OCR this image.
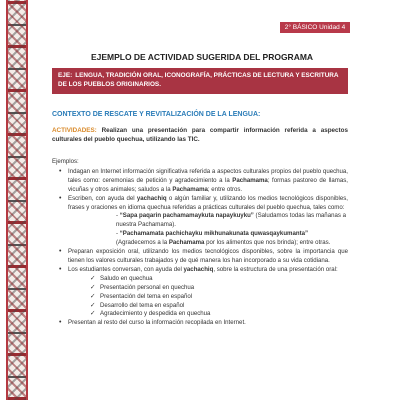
2° BÁSICO Unidad 4
EJEMPLO DE ACTIVIDAD SUGERIDA DEL PROGRAMA
EJE: LENGUA, TRADICIÓN ORAL, ICONOGRAFÍA, PRÁCTICAS DE LECTURA Y ESCRITURA DE LOS PUEBLOS ORIGINARIOS.
CONTEXTO DE RESCATE Y REVITALIZACIÓN DE LA LENGUA:
ACTIVIDADES: Realizan una presentación para compartir información referida a aspectos culturales del pueblo quechua, utilizando las TIC.
Ejemplos:
• Indagan en Internet información significativa referida a aspectos culturales propios del pueblo quechua, tales como: ceremonias de petición y agradecimiento a la Pachamama; formas pastoreo de llamas, vicuñas y otros animales; saludos a la Pachamama; entre otros.
• Escriben, con ayuda del yachachiq o algún familiar y, utilizando los medios tecnológicos disponibles, frases y oraciones en idioma quechua referidas a prácticas culturales del pueblo quechua, tales como:
- “Sapa paqarin pachamamaykuta napaykuyku” (Saludamos todas las mañanas a nuestra Pachamama).
- “Pachamamata pachichayku mikhunakunata quwasqaykumanta” (Agradecemos a la Pachamama por los alimentos que nos brinda); entre otras.
• Preparan exposición oral, utilizando los medios tecnológicos disponibles, sobre la importancia que tienen los valores culturales trabajados y de qué manera los han incorporado a su vida cotidiana.
• Los estudiantes conversan, con ayuda del yachachiq, sobre la estructura de una presentación oral:
✓ Saludo en quechua
✓ Presentación personal en quechua
✓ Presentación del tema en español
✓ Desarrollo del tema en español
✓ Agradecimiento y despedida en quechua
• Presentan al resto del curso la información recopilada en Internet.
